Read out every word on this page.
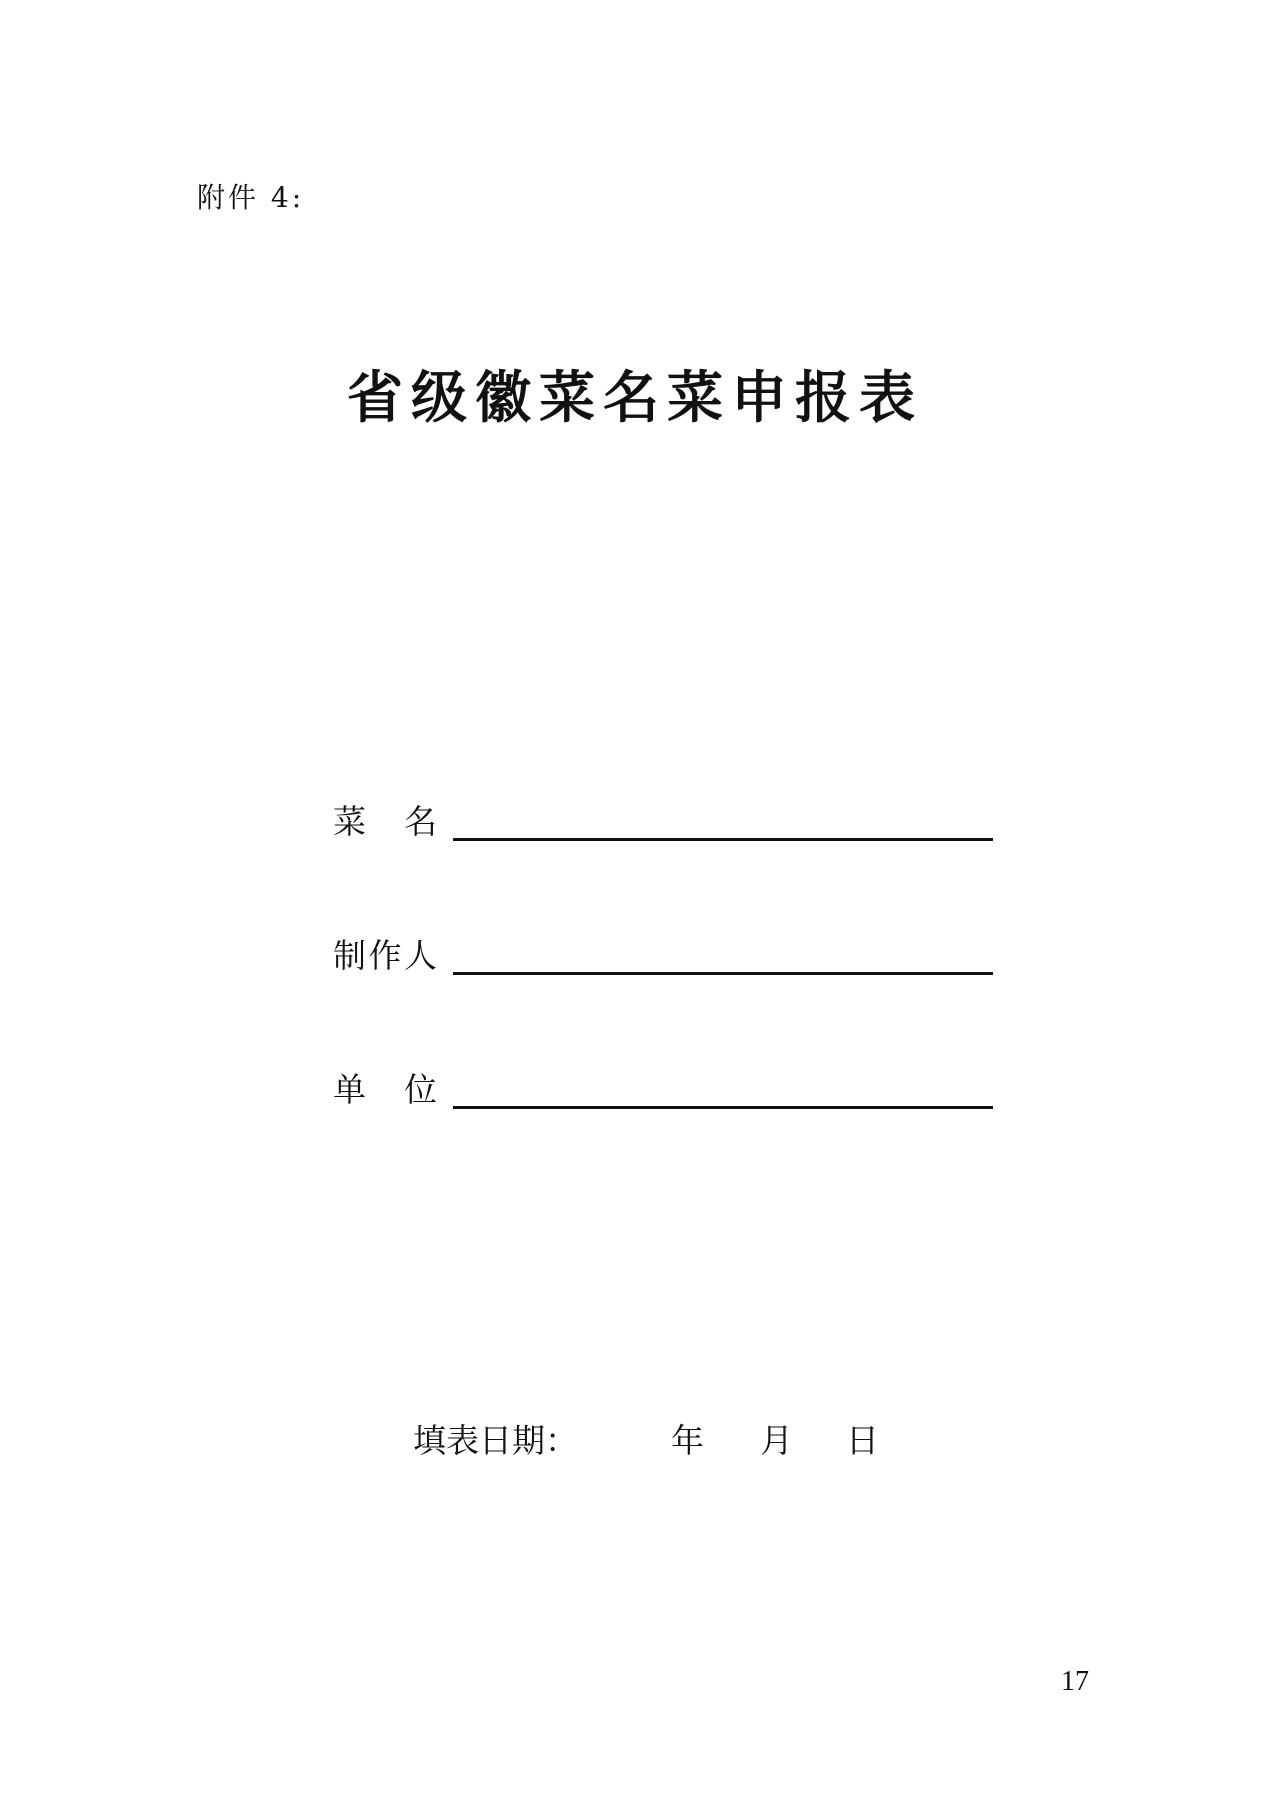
附件 4:
省级徽菜名菜申报表
菜 名
制 作 人
单 位
填表日期：	年 月 日
17
